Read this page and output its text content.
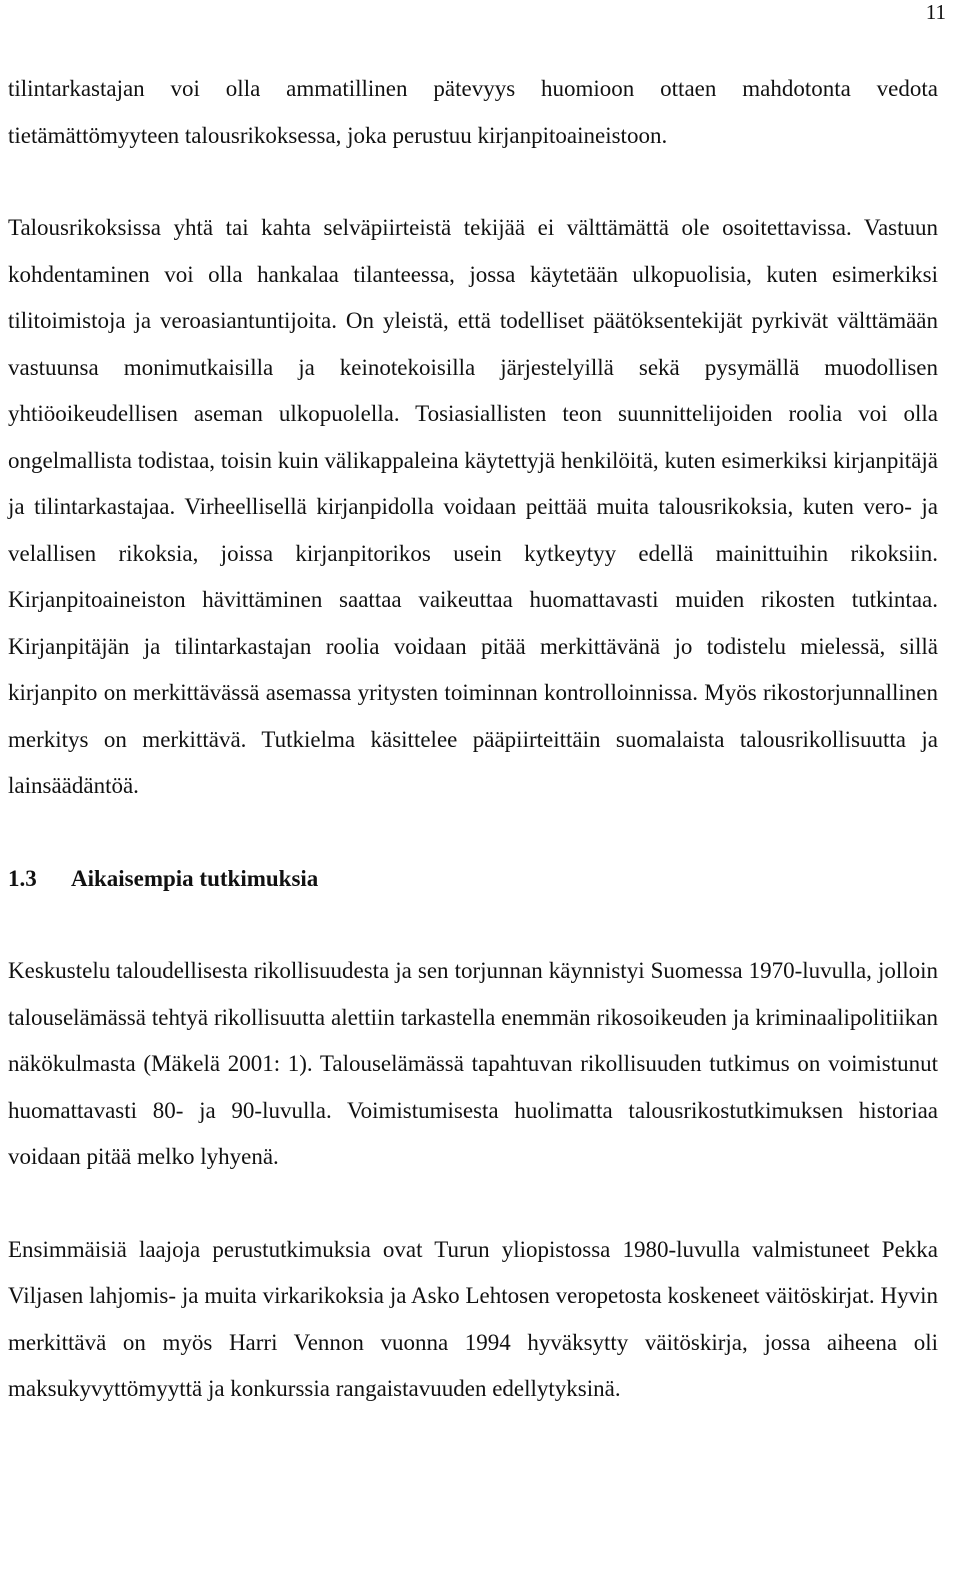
11

tilintarkastajan voi olla ammatillinen pätevyys huomioon ottaen mahdotonta vedota tietämättömyyteen talousrikoksessa, joka perustuu kirjanpitoaineistoon.

Talousrikoksissa yhtä tai kahta selväpiirteistä tekijää ei välttämättä ole osoitettavissa. Vastuun kohdentaminen voi olla hankalaa tilanteessa, jossa käytetään ulkopuolisia, kuten esimerkiksi tilitoimistoja ja veroasiantuntijoita. On yleistä, että todelliset päätöksentekijät pyrkivät välttämään vastuunsa monimutkaisilla ja keinotekoisilla järjestelyillä sekä pysymällä muodollisen yhtiöoikeudellisen aseman ulkopuolella. Tosiasiallisten teon suunnittelijoiden roolia voi olla ongelmallista todistaa, toisin kuin välikappaleina käytettyjä henkilöitä, kuten esimerkiksi kirjanpitäjä ja tilintarkastajaa. Virheellisellä kirjanpidolla voidaan peittää muita talousrikoksia, kuten vero- ja velallisen rikoksia, joissa kirjanpitorikos usein kytkeytyy edellä mainittuihin rikoksiin. Kirjanpitoaineiston hävittäminen saattaa vaikeuttaa huomattavasti muiden rikosten tutkintaa. Kirjanpitäjän ja tilintarkastajan roolia voidaan pitää merkittävänä jo todistelu mielessä, sillä kirjanpito on merkittävässä asemassa yritysten toiminnan kontrolloinnissa. Myös rikostorjunnallinen merkitys on merkittävä. Tutkielma käsittelee pääpiirteittäin suomalaista talousrikollisuutta ja lainsäädäntöä.

1.3	Aikaisempia tutkimuksia

Keskustelu taloudellisesta rikollisuudesta ja sen torjunnan käynnistyi Suomessa 1970-luvulla, jolloin talouselämässä tehtyä rikollisuutta alettiin tarkastella enemmän rikosoikeuden ja kriminaalipolitiikan näkökulmasta (Mäkelä 2001: 1). Talouselämässä tapahtuvan rikollisuuden tutkimus on voimistunut huomattavasti 80- ja 90-luvulla. Voimistumisesta huolimatta talousrikostutkimuksen historiaa voidaan pitää melko lyhyenä.

Ensimmäisiä laajoja perustutkimuksia ovat Turun yliopistossa 1980-luvulla valmistuneet Pekka Viljasen lahjomis- ja muita virkarikoksia ja Asko Lehtosen veropetosta koskeneet väitöskirjat. Hyvin merkittävä on myös Harri Vennon vuonna 1994 hyväksytty väitöskirja, jossa aiheena oli maksukyvyttömyyttä ja konkurssia rangaistavuuden edellytyksinä.
